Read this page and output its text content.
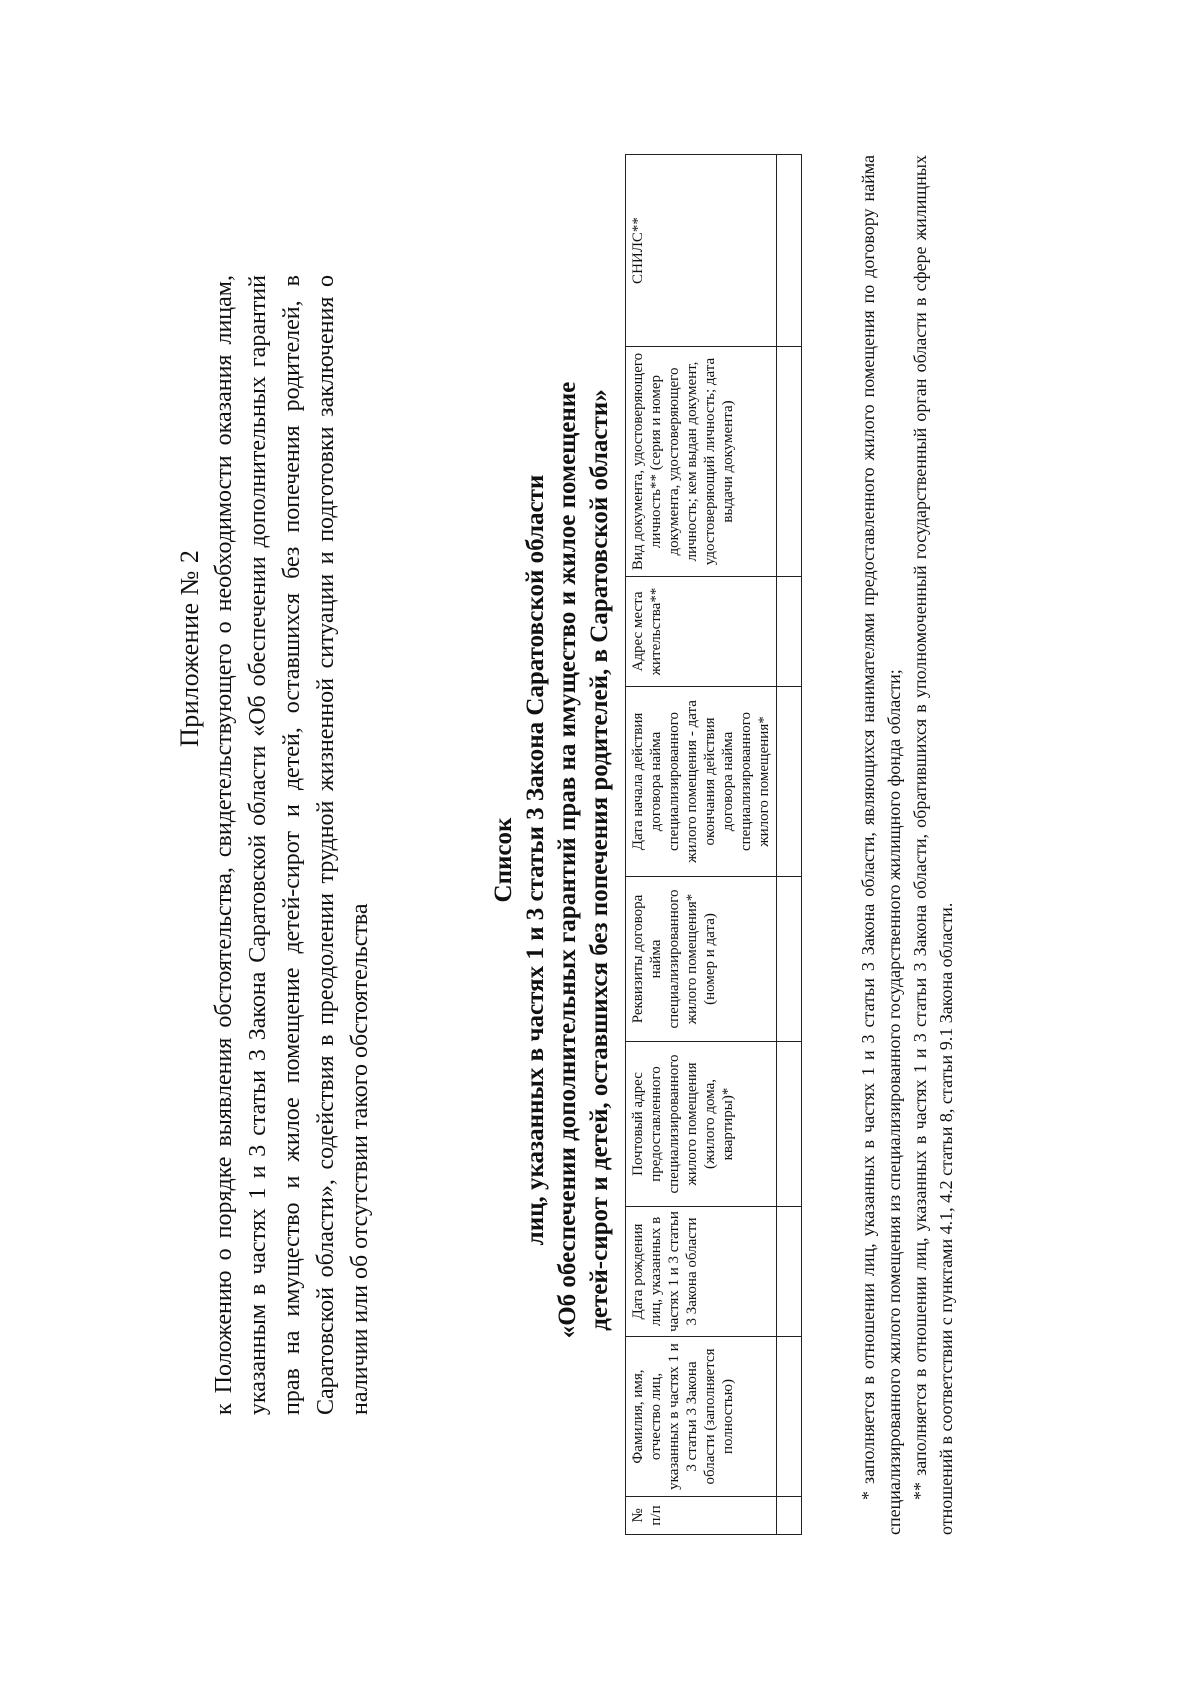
Приложение № 2 к Положению о порядке выявления обстоятельства, свидетельствующего о необходимости оказания лицам, указанным в частях 1 и 3 статьи 3 Закона Саратовской области «Об обеспечении дополнительных гарантий прав на имущество и жилое помещение детей-сирот и детей, оставшихся без попечения родителей, в Саратовской области», содействия в преодолении трудной жизненной ситуации и подготовки заключения о наличии или об отсутствии такого обстоятельства
Список лиц, указанных в частях 1 и 3 статьи 3 Закона Саратовской области «Об обеспечении дополнительных гарантий прав на имущество и жилое помещение детей-сирот и детей, оставшихся без попечения родителей, в Саратовской области»
№ п/п	Фамилия, имя, отчество лиц, указанных в частях 1 и 3 статьи 3 Закона области (заполняется полностью)	Дата рождения лиц, указанных в частях 1 и 3 статьи 3 Закона области	Почтовый адрес предоставленного специализированного жилого помещения (жилого дома, квартиры)*	Реквизиты договора найма специализированного жилого помещения* (номер и дата)	Дата начала действия договора найма специализированного жилого помещения - дата окончания действия договора найма специализированного жилого помещения*	Адрес места жительства**	Вид документа, удостоверяющего личность** (серия и номер документа, удостоверяющего личность; кем выдан документ, удостоверяющий личность; дата выдачи документа)	СНИЛС**
									* заполняется в отношении лиц, указанных в частях 1 и 3 статьи 3 Закона области, являющихся нанимателями предоставленного жилого помещения по договору найма специализированного жилого помещения из специализированного государственного жилищного фонда области; ** заполняется в отношении лиц, указанных в частях 1 и 3 статьи 3 Закона области, обратившихся в уполномоченный государственный орган области в сфере жилищных отношений в соответствии с пунктами 4.1, 4.2 статьи 8, статьи 9.1 Закона области.
